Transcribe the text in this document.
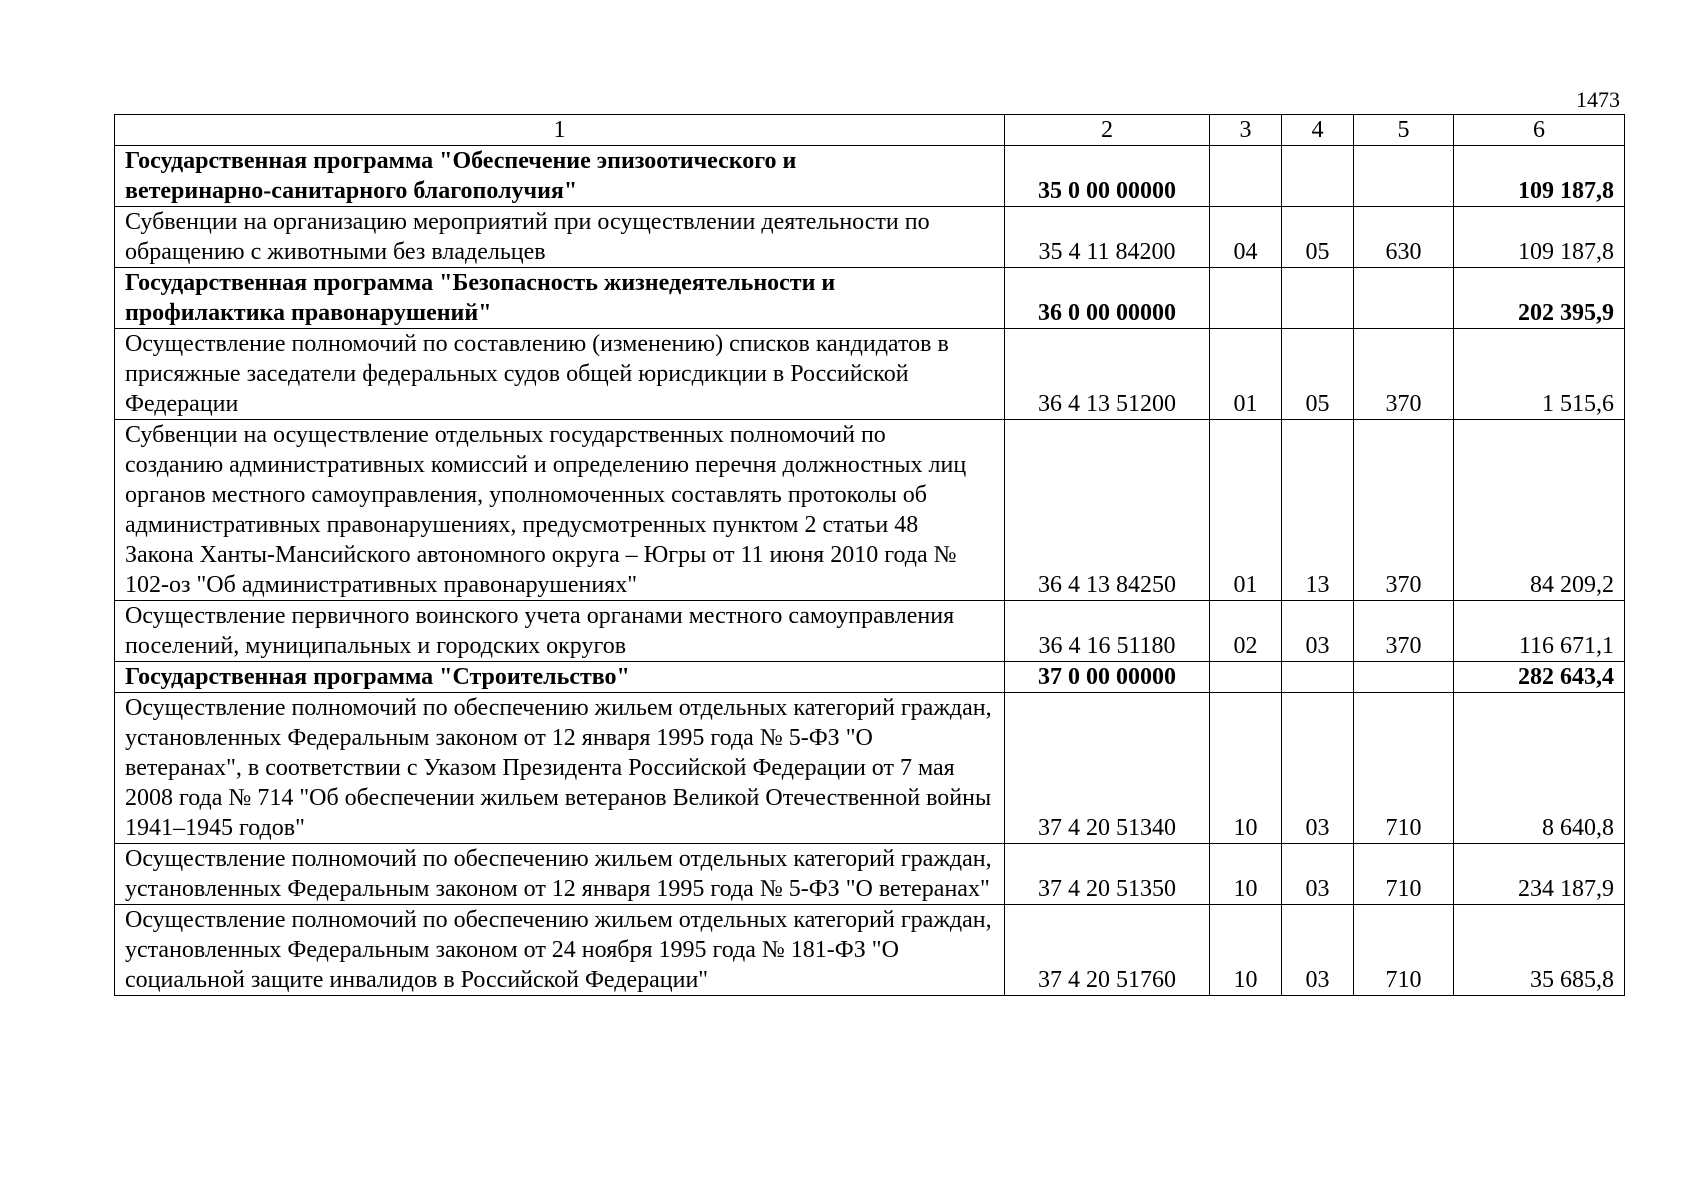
1473
1	2	3	4	5	6
Государственная программа "Обеспечение эпизоотического и ветеринарно-санитарного благополучия"	35 0 00 00000				109 187,8
Субвенции на организацию мероприятий при осуществлении деятельности по обращению с животными без владельцев	35 4 11 84200	04	05	630	109 187,8
Государственная программа "Безопасность жизнедеятельности и профилактика правонарушений"	36 0 00 00000				202 395,9
Осуществление полномочий по составлению (изменению) списков кандидатов в присяжные заседатели федеральных судов общей юрисдикции в Российской Федерации	36 4 13 51200	01	05	370	1 515,6
Субвенции на осуществление отдельных государственных полномочий по созданию административных комиссий и определению перечня должностных лиц органов местного самоуправления, уполномоченных составлять протоколы об административных правонарушениях, предусмотренных пунктом 2 статьи 48 Закона Ханты-Мансийского автономного округа – Югры от 11 июня 2010 года № 102-оз "Об административных правонарушениях"	36 4 13 84250	01	13	370	84 209,2
Осуществление первичного воинского учета органами местного самоуправления поселений, муниципальных и городских округов	36 4 16 51180	02	03	370	116 671,1
Государственная программа "Строительство"	37 0 00 00000				282 643,4
Осуществление полномочий по обеспечению жильем отдельных категорий граждан, установленных Федеральным законом от 12 января 1995 года № 5-ФЗ "О ветеранах", в соответствии с Указом Президента Российской Федерации от 7 мая 2008 года № 714 "Об обеспечении жильем ветеранов Великой Отечественной войны 1941–1945 годов"	37 4 20 51340	10	03	710	8 640,8
Осуществление полномочий по обеспечению жильем отдельных категорий граждан, установленных Федеральным законом от 12 января 1995 года № 5-ФЗ "О ветеранах"	37 4 20 51350	10	03	710	234 187,9
Осуществление полномочий по обеспечению жильем отдельных категорий граждан, установленных Федеральным законом от 24 ноября 1995 года № 181-ФЗ "О социальной защите инвалидов в Российской Федерации"	37 4 20 51760	10	03	710	35 685,8
